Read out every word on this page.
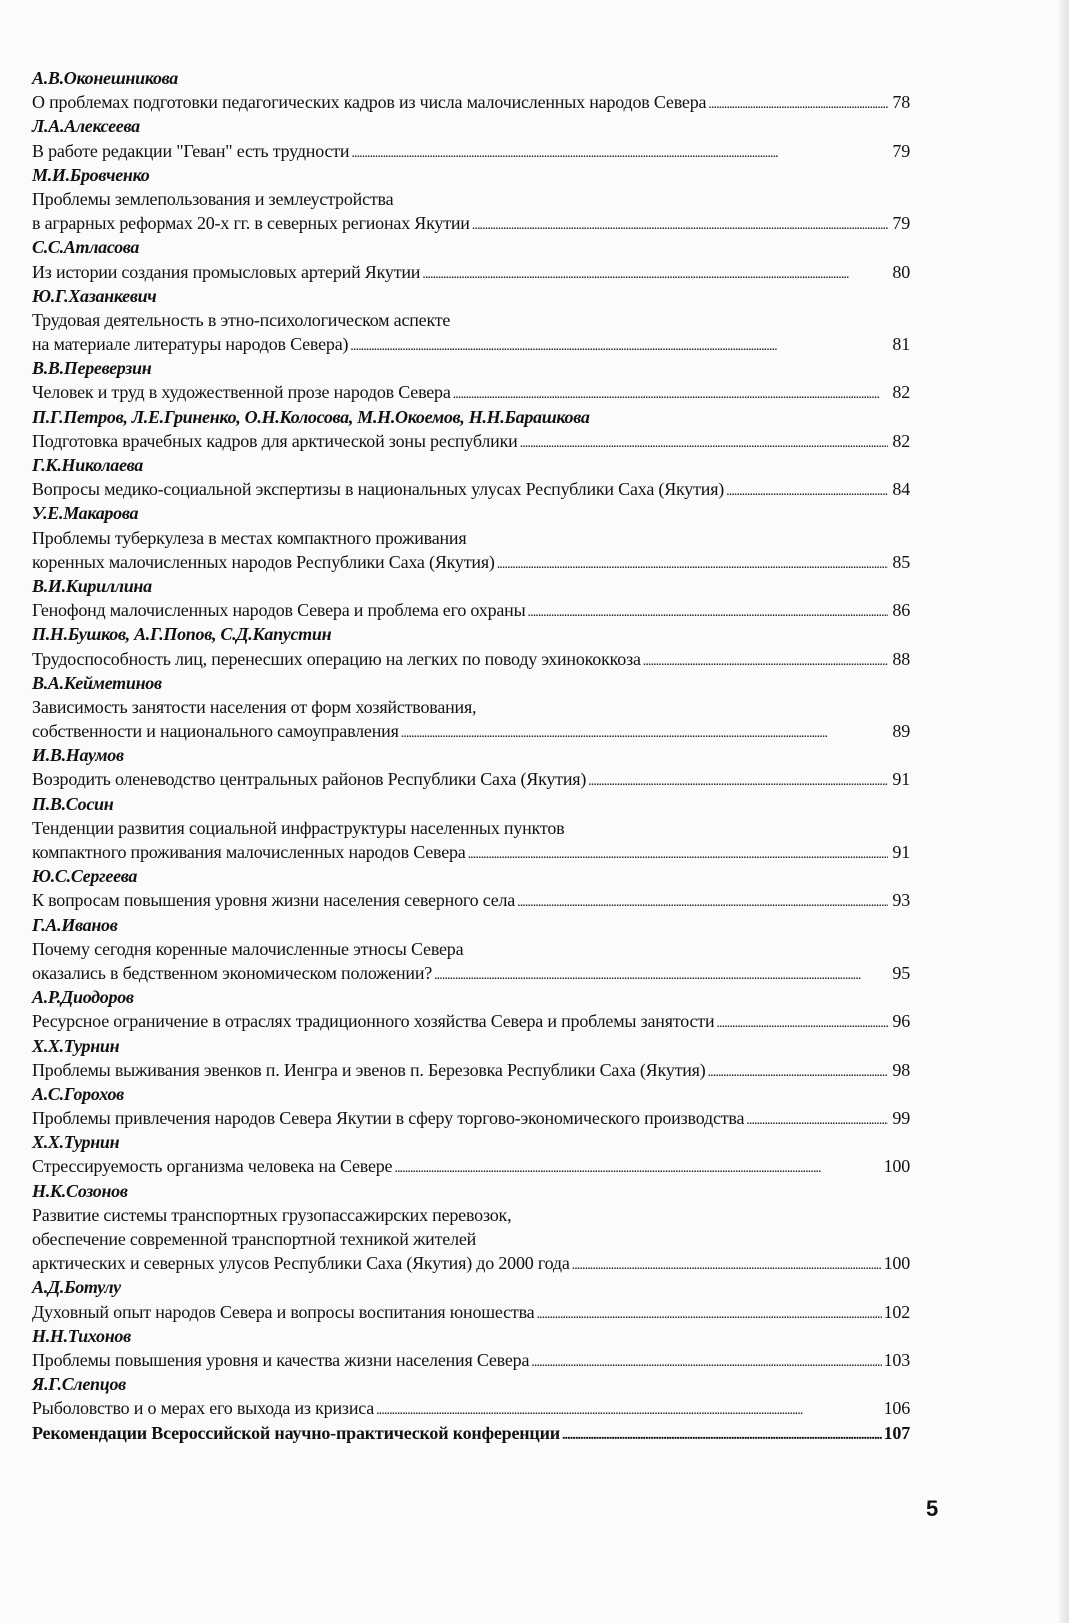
А.В.Оконешникова
О проблемах подготовки педагогических кадров из числа малочисленных народов Севера . . .	78
Л.А.Алексеева
В работе редакции "Геван" есть трудности . . .	79
М.И.Бровченко
Проблемы землепользования и землеустройства
в аграрных реформах 20-х гг. в северных регионах Якутии . . .	79
С.С.Атласова
Из истории создания промысловых артерий Якутии . . .	80
Ю.Г.Хазанкевич
Трудовая деятельность в этно-психологическом аспекте
на материале литературы народов Севера) . . .	81
В.В.Переверзин
Человек и труд в художественной прозе народов Севера . . .	82
П.Г.Петров, Л.Е.Гриненко, О.Н.Колосова, М.Н.Окоемов, Н.Н.Барашкова
Подготовка врачебных кадров для арктической зоны республики . . .	82
Г.К.Николаева
Вопросы медико-социальной экспертизы в национальных улусах Республики Саха (Якутия) . . .	84
У.Е.Макарова
Проблемы туберкулеза в местах компактного проживания
коренных малочисленных народов Республики Саха (Якутия) . . .	85
В.И.Кириллина
Генофонд малочисленных народов Севера и проблема его охраны . . .	86
П.Н.Бушков, А.Г.Попов, С.Д.Капустин
Трудоспособность лиц, перенесших операцию на легких по поводу эхинококкоза . . .	88
В.А.Кейметинов
Зависимость занятости населения от форм хозяйствования,
собственности и национального самоуправления . . .	89
И.В.Наумов
Возродить оленеводство центральных районов Республики Саха (Якутия) . . .	91
П.В.Сосин
Тенденции развития социальной инфраструктуры населенных пунктов
компактного проживания малочисленных народов Севера . . .	91
Ю.С.Сергеева
К вопросам повышения уровня жизни населения северного села . . .	93
Г.А.Иванов
Почему сегодня коренные малочисленные этносы Севера
оказались в бедственном экономическом положении? . . .	95
А.Р.Диодоров
Ресурсное ограничение в отраслях традиционного хозяйства Севера и проблемы занятости . . .	96
Х.Х.Турнин
Проблемы выживания эвенков п. Иенгра и эвенов п. Березовка Республики Саха (Якутия) . . .	98
А.С.Горохов
Проблемы привлечения народов Севера Якутии в сферу торгово-экономического производства . . .	99
Х.Х.Турнин
Стрессируемость организма человека на Севере . . .	100
Н.К.Созонов
Развитие системы транспортных грузопассажирских перевозок,
обеспечение современной транспортной техникой жителей
арктических и северных улусов Республики Саха (Якутия) до 2000 года . . .	100
А.Д.Ботулу
Духовный опыт народов Севера и вопросы воспитания юношества . . .	102
Н.Н.Тихонов
Проблемы повышения уровня и качества жизни населения Севера . . .	103
Я.Г.Слепцов
Рыболовство и о мерах его выхода из кризиса . . .	106
Рекомендации Всероссийской научно-практической конференции . . .	107
5
